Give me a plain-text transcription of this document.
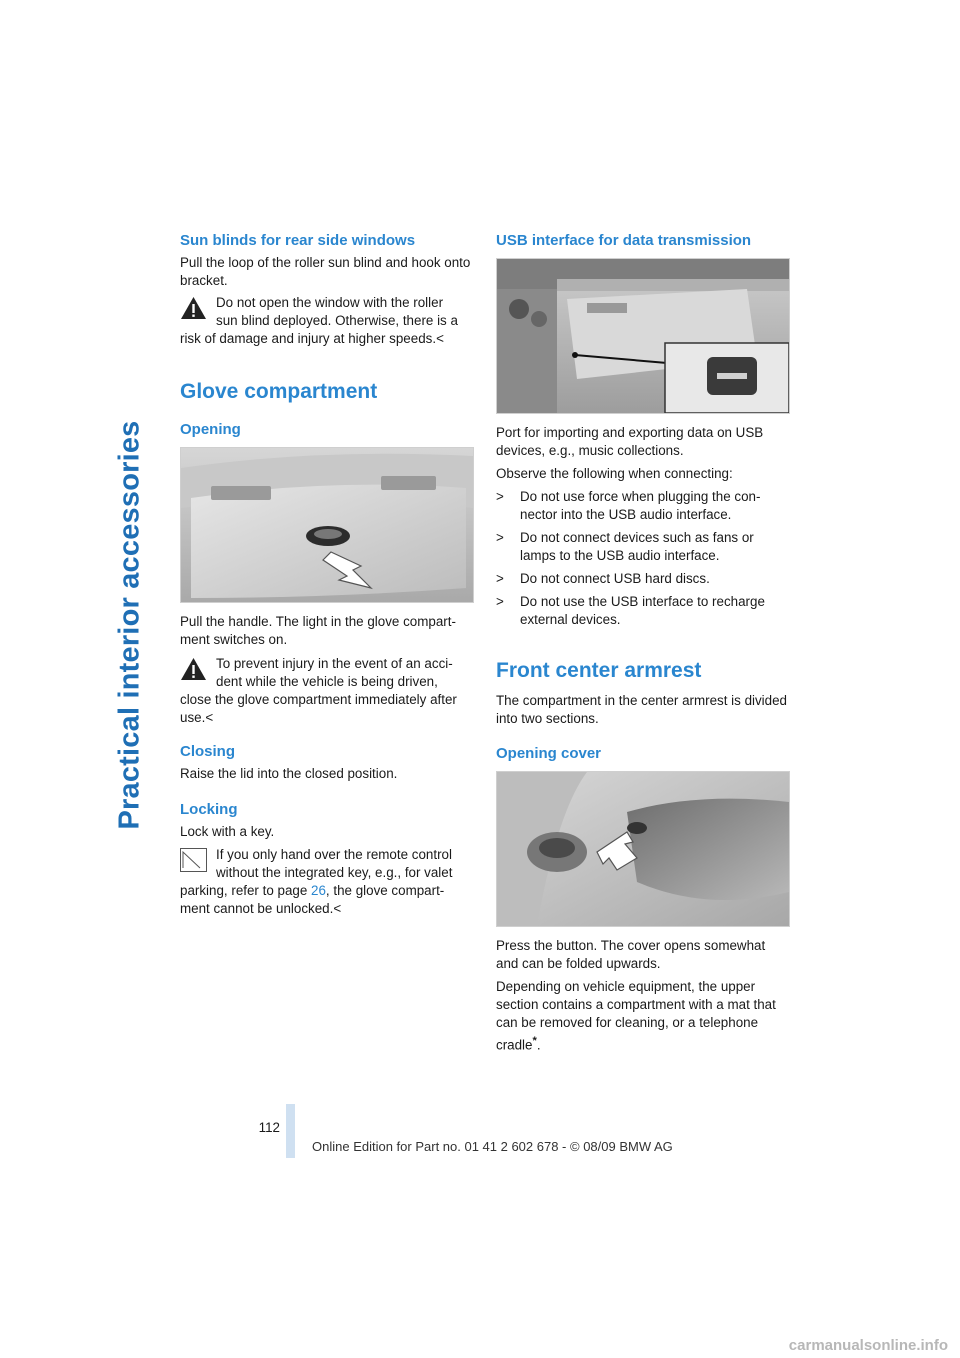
Practical interior accessories
Sun blinds for rear side windows

Pull the loop of the roller sun blind and hook onto bracket.

Do not open the window with the roller
sun blind deployed. Otherwise, there is a
risk of damage and injury at higher speeds.<
Glove compartment
Opening

Pull the handle. The light in the glove compart-ment switches on.

To prevent injury in the event of an acci-
dent while the vehicle is being driven,
close the glove compartment immediately after use.<
Closing

Raise the lid into the closed position.

Locking

Lock with a key.

If you only hand over the remote control
without the integrated key, e.g., for valet
parking, refer to page 26, the glove compart-ment cannot be unlocked.<
USB interface for data transmission

Port for importing and exporting data on USB devices, e.g., music collections.

Observe the following when connecting:

> Do not use force when plugging the con-nector into the USB audio interface.
> Do not connect devices such as fans or lamps to the USB audio interface.
> Do not connect USB hard discs.
> Do not use the USB interface to recharge external devices.
Front center armrest

The compartment in the center armrest is divided into two sections.

Opening cover

Press the button. The cover opens somewhat and can be folded upwards.

Depending on vehicle equipment, the upper section contains a compartment with a mat that can be removed for cleaning, or a telephone cradle*.

112
Online Edition for Part no. 01 41 2 602 678 - © 08/09 BMW AG
carmanualsonline.info
